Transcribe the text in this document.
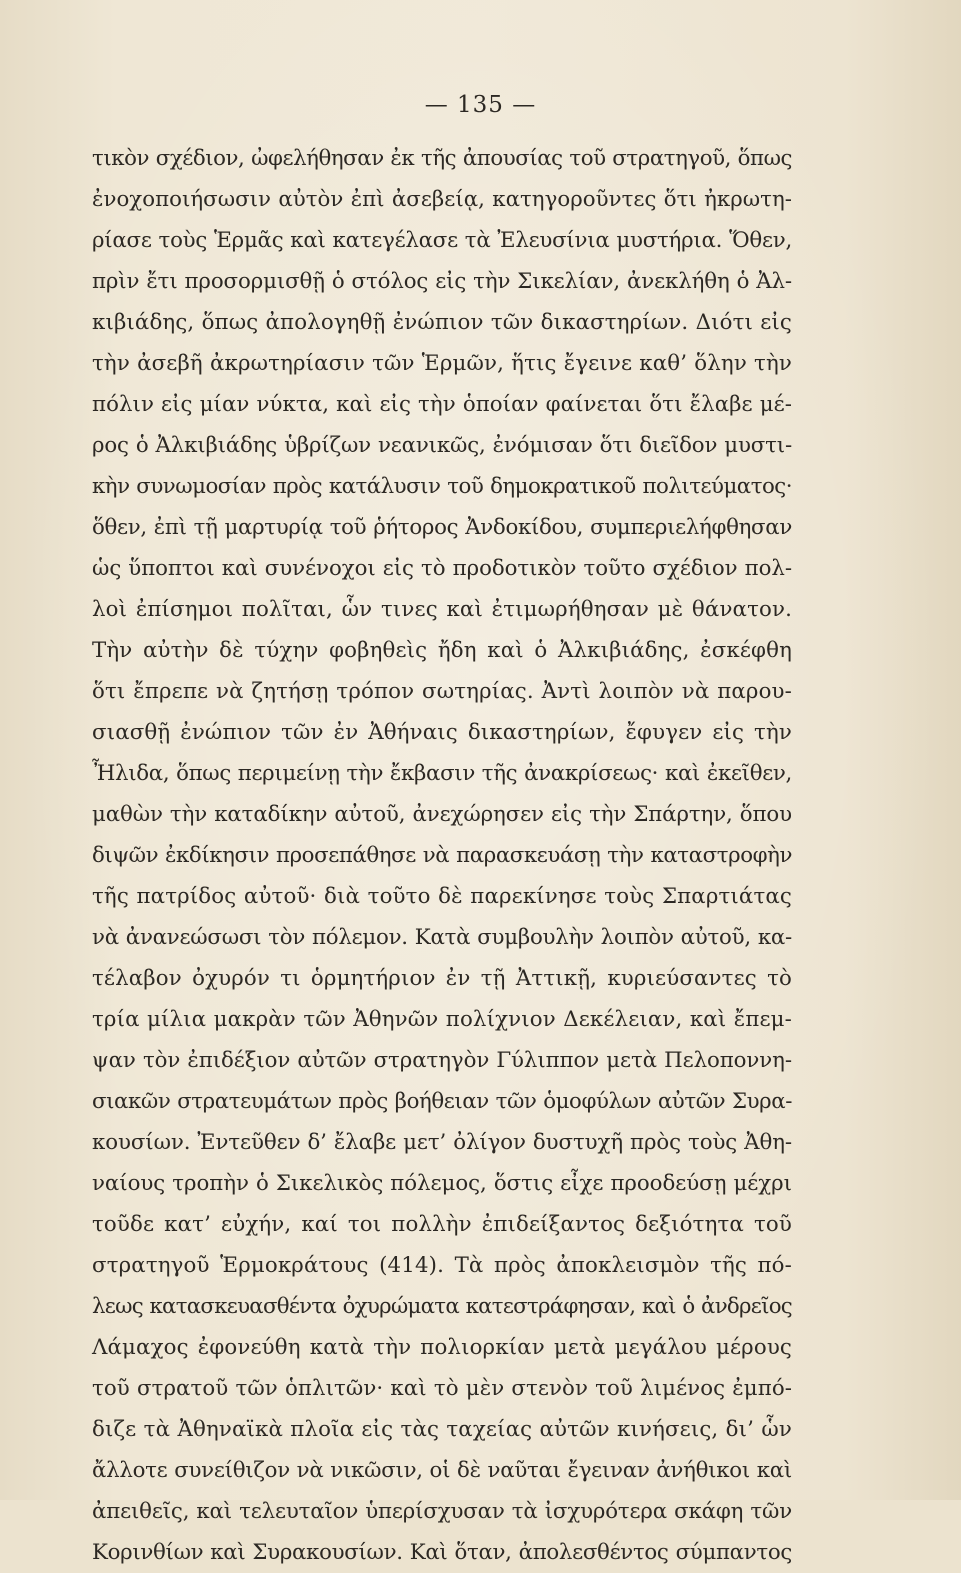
— 135 —
τικὸν σχέδιον, ὠφελήθησαν ἐκ τῆς ἀπουσίας τοῦ στρατηγοῦ, ὅπως
ἐνοχοποιήσωσιν αὐτὸν ἐπὶ ἀσεβείᾳ, κατηγοροῦντες ὅτι ἠκρωτη-
ρίασε τοὺς Ἑρμᾶς καὶ κατεγέλασε τὰ Ἐλευσίνια μυστήρια. Ὅθεν,
πρὶν ἔτι προσορμισθῇ ὁ στόλος εἰς τὴν Σικελίαν, ἀνεκλήθη ὁ Ἀλ-
κιβιάδης, ὅπως ἀπολογηθῇ ἐνώπιον τῶν δικαστηρίων. Διότι εἰς
τὴν ἀσεβῆ ἀκρωτηρίασιν τῶν Ἑρμῶν, ἥτις ἔγεινε καθ’ ὅλην τὴν
πόλιν εἰς μίαν νύκτα, καὶ εἰς τὴν ὁποίαν φαίνεται ὅτι ἔλαβε μέ-
ρος ὁ Ἀλκιβιάδης ὑβρίζων νεανικῶς, ἐνόμισαν ὅτι διεῖδον μυστι-
κὴν συνωμοσίαν πρὸς κατάλυσιν τοῦ δημοκρατικοῦ πολιτεύματος·
ὅθεν, ἐπὶ τῇ μαρτυρίᾳ τοῦ ῥήτορος Ἀνδοκίδου, συμπεριελήφθησαν
ὡς ὕποπτοι καὶ συνένοχοι εἰς τὸ προδοτικὸν τοῦτο σχέδιον πολ-
λοὶ ἐπίσημοι πολῖται, ὧν τινες καὶ ἐτιμωρήθησαν μὲ θάνατον.
Τὴν αὐτὴν δὲ τύχην φοβηθεὶς ἤδη καὶ ὁ Ἀλκιβιάδης, ἐσκέφθη
ὅτι ἔπρεπε νὰ ζητήσῃ τρόπον σωτηρίας. Ἀντὶ λοιπὸν νὰ παρου-
σιασθῇ ἐνώπιον τῶν ἐν Ἀθήναις δικαστηρίων, ἔφυγεν εἰς τὴν
Ἦλιδα, ὅπως περιμείνῃ τὴν ἔκβασιν τῆς ἀνακρίσεως· καὶ ἐκεῖθεν,
μαθὼν τὴν καταδίκην αὐτοῦ, ἀνεχώρησεν εἰς τὴν Σπάρτην, ὅπου
διψῶν ἐκδίκησιν προσεπάθησε νὰ παρασκευάσῃ τὴν καταστροφὴν
τῆς πατρίδος αὐτοῦ· διὰ τοῦτο δὲ παρεκίνησε τοὺς Σπαρτιάτας
νὰ ἀνανεώσωσι τὸν πόλεμον. Κατὰ συμβουλὴν λοιπὸν αὐτοῦ, κα-
τέλαβον ὀχυρόν τι ὁρμητήριον ἐν τῇ Ἀττικῇ, κυριεύσαντες τὸ
τρία μίλια μακρὰν τῶν Ἀθηνῶν πολίχνιον Δεκέλειαν, καὶ ἔπεμ-
ψαν τὸν ἐπιδέξιον αὐτῶν στρατηγὸν Γύλιππον μετὰ Πελοποννη-
σιακῶν στρατευμάτων πρὸς βοήθειαν τῶν ὁμοφύλων αὐτῶν Συρα-
κουσίων. Ἐντεῦθεν δ’ ἔλαβε μετ’ ὀλίγον δυστυχῆ πρὸς τοὺς Ἀθη-
ναίους τροπὴν ὁ Σικελικὸς πόλεμος, ὅστις εἶχε προοδεύσῃ μέχρι
τοῦδε κατ’ εὐχήν, καί τοι πολλὴν ἐπιδείξαντος δεξιότητα τοῦ
στρατηγοῦ Ἑρμοκράτους (414). Τὰ πρὸς ἀποκλεισμὸν τῆς πό-
λεως κατασκευασθέντα ὀχυρώματα κατεστράφησαν, καὶ ὁ ἀνδρεῖος
Λάμαχος ἐφονεύθη κατὰ τὴν πολιορκίαν μετὰ μεγάλου μέρους
τοῦ στρατοῦ τῶν ὁπλιτῶν· καὶ τὸ μὲν στενὸν τοῦ λιμένος ἐμπό-
διζε τὰ Ἀθηναϊκὰ πλοῖα εἰς τὰς ταχείας αὐτῶν κινήσεις, δι’ ὧν
ἄλλοτε συνείθιζον νὰ νικῶσιν, οἱ δὲ ναῦται ἔγειναν ἀνήθικοι καὶ
ἀπειθεῖς, καὶ τελευταῖον ὑπερίσχυσαν τὰ ἰσχυρότερα σκάφη τῶν
Κορινθίων καὶ Συρακουσίων. Καὶ ὅταν, ἀπολεσθέντος σύμπαντος
